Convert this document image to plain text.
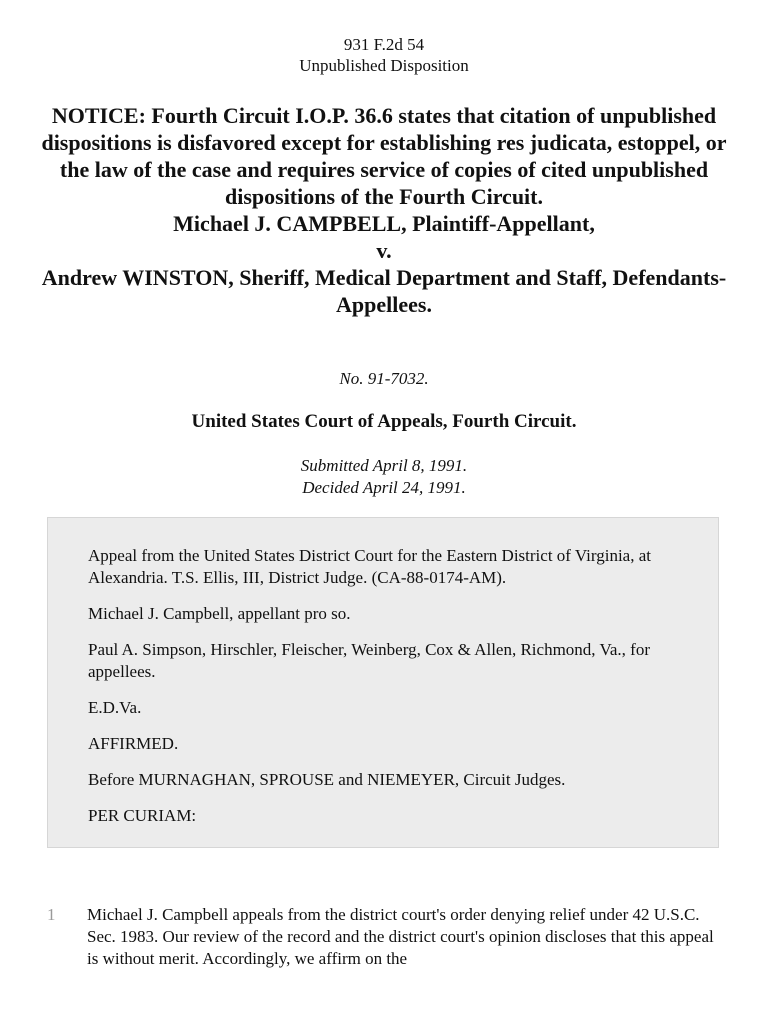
931 F.2d 54
Unpublished Disposition
NOTICE: Fourth Circuit I.O.P. 36.6 states that citation of unpublished dispositions is disfavored except for establishing res judicata, estoppel, or the law of the case and requires service of copies of cited unpublished dispositions of the Fourth Circuit.
Michael J. CAMPBELL, Plaintiff-Appellant,
v.
Andrew WINSTON, Sheriff, Medical Department and Staff, Defendants-Appellees.
No. 91-7032.
United States Court of Appeals, Fourth Circuit.
Submitted April 8, 1991.
Decided April 24, 1991.

Appeal from the United States District Court for the Eastern District of Virginia, at Alexandria. T.S. Ellis, III, District Judge. (CA-88-0174-AM).

Michael J. Campbell, appellant pro so.

Paul A. Simpson, Hirschler, Fleischer, Weinberg, Cox & Allen, Richmond, Va., for appellees.

E.D.Va.

AFFIRMED.

Before MURNAGHAN, SPROUSE and NIEMEYER, Circuit Judges.

PER CURIAM:

1 Michael J. Campbell appeals from the district court's order denying relief under 42 U.S.C. Sec. 1983. Our review of the record and the district court's opinion discloses that this appeal is without merit. Accordingly, we affirm on the
